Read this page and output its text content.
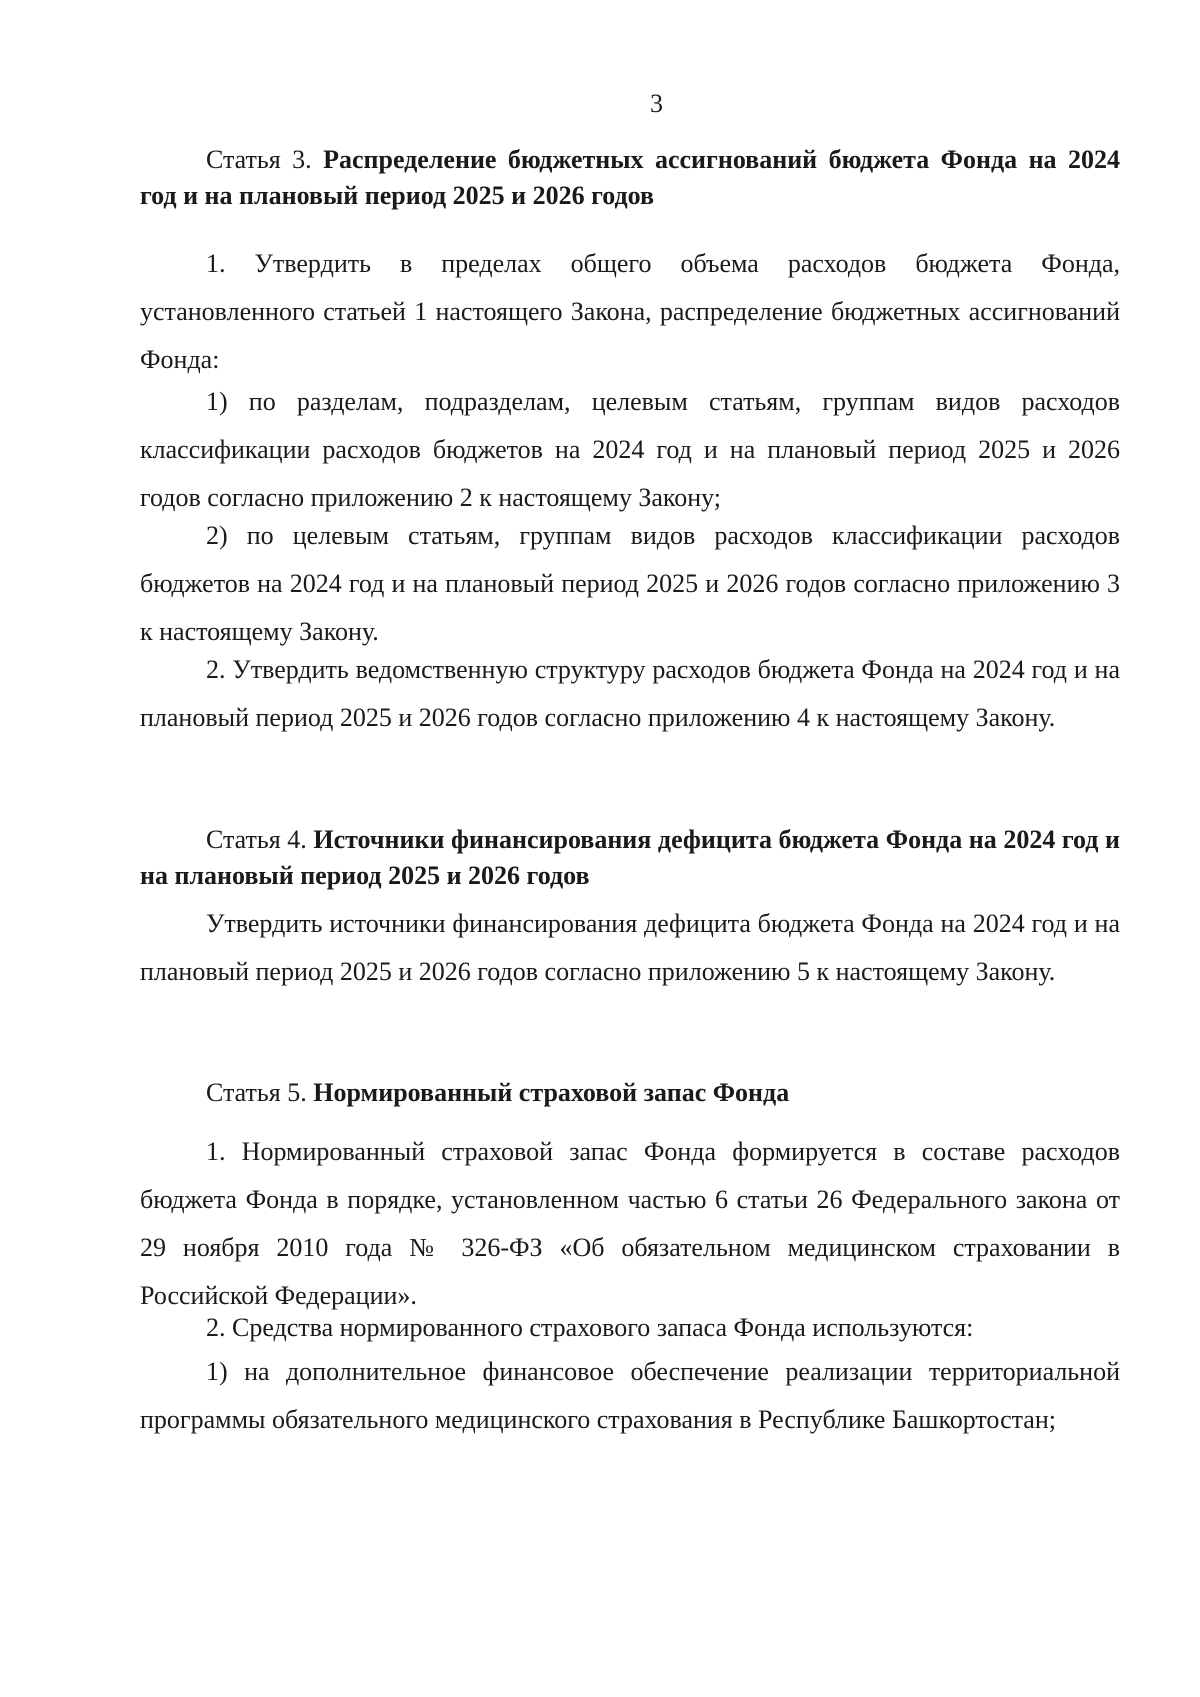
3

Статья 3. Распределение бюджетных ассигнований бюджета Фонда на 2024 год и на плановый период 2025 и 2026 годов

1. Утвердить в пределах общего объема расходов бюджета Фонда, установленного статьей 1 настоящего Закона, распределение бюджетных ассигнований Фонда:

1) по разделам, подразделам, целевым статьям, группам видов расходов классификации расходов бюджетов на 2024 год и на плановый период 2025 и 2026 годов согласно приложению 2 к настоящему Закону;

2) по целевым статьям, группам видов расходов классификации расходов бюджетов на 2024 год и на плановый период 2025 и 2026 годов согласно приложению 3 к настоящему Закону.

2. Утвердить ведомственную структуру расходов бюджета Фонда на 2024 год и на плановый период 2025 и 2026 годов согласно приложению 4 к настоящему Закону.

Статья 4. Источники финансирования дефицита бюджета Фонда на 2024 год и на плановый период 2025 и 2026 годов

Утвердить источники финансирования дефицита бюджета Фонда на 2024 год и на плановый период 2025 и 2026 годов согласно приложению 5 к настоящему Закону.

Статья 5. Нормированный страховой запас Фонда

1. Нормированный страховой запас Фонда формируется в составе расходов бюджета Фонда в порядке, установленном частью 6 статьи 26 Федерального закона от 29 ноября 2010 года № 326-ФЗ «Об обязательном медицинском страховании в Российской Федерации».

2. Средства нормированного страхового запаса Фонда используются:

1) на дополнительное финансовое обеспечение реализации территориальной программы обязательного медицинского страхования в Республике Башкортостан;
